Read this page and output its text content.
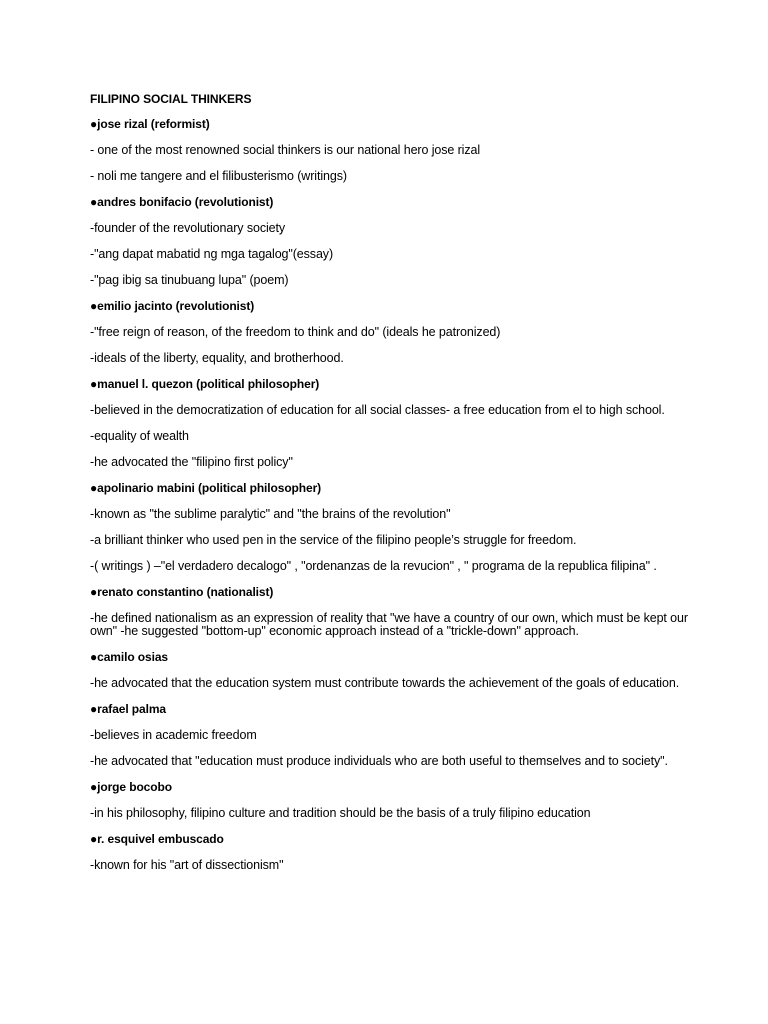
FILIPINO SOCIAL THINKERS
●jose rizal (reformist)
- one of the most renowned social thinkers is our national hero jose rizal
- noli me tangere and el filibusterismo (writings)
●andres bonifacio (revolutionist)
-founder of the revolutionary society
-"ang dapat mabatid ng mga tagalog"(essay)
-"pag ibig sa tinubuang lupa" (poem)
●emilio jacinto (revolutionist)
-"free reign of reason, of the freedom to think and do" (ideals he patronized)
-ideals of the liberty, equality, and brotherhood.
●manuel l. quezon (political philosopher)
-believed in the democratization of education for all social classes- a free education from el to high school.
-equality of wealth
-he advocated the "filipino first policy"
●apolinario mabini (political philosopher)
-known as "the sublime paralytic" and "the brains of the revolution"
-a brilliant thinker who used pen in the service of the filipino people’s struggle for freedom.
-( writings ) –"el verdadero decalogo" , "ordenanzas de la revucion" , " programa de la republica filipina" .
●renato constantino (nationalist)
-he defined nationalism as an expression of reality that "we have a country of our own, which must be kept our own" -he suggested "bottom-up" economic approach instead of a "trickle-down" approach.
●camilo osias
-he advocated that the education system must contribute towards the achievement of the goals of education.
●rafael palma
-believes in academic freedom
-he advocated that "education must produce individuals who are both useful to themselves and to society".
●jorge bocobo
-in his philosophy, filipino culture and tradition should be the basis of a truly filipino education
●r. esquivel embuscado
-known for his "art of dissectionism"
